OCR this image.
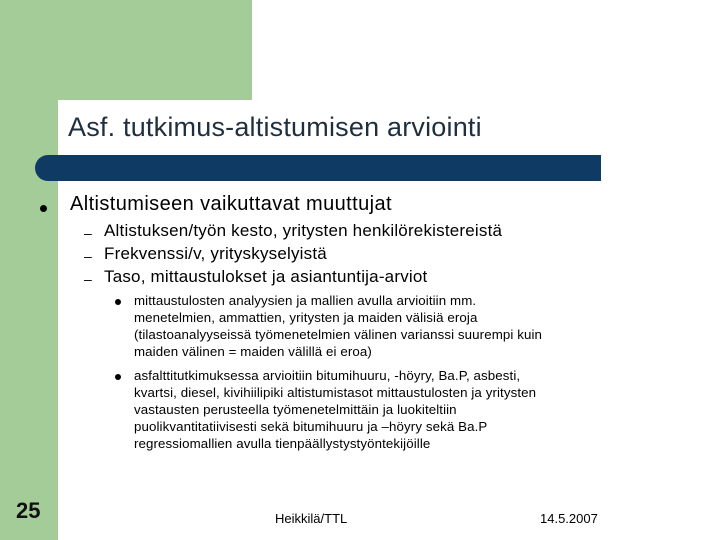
Asf. tutkimus-altistumisen arviointi
Altistumiseen vaikuttavat muuttujat
– Altistuksen/työn kesto, yritysten henkilörekistereistä
– Frekvenssi/v, yrityskyselyistä
– Taso, mittaustulokset ja asiantuntija-arviot
mittaustulosten analyysien ja mallien avulla arvioitiin mm.
menetelmien, ammattien, yritysten ja maiden välisiä eroja
(tilastoanalyyseissä työmenetelmien välinen varianssi suurempi kuin
maiden välinen = maiden välillä ei eroa)
asfalttitutkimuksessa arvioitiin bitumihuuru, -höyry, Ba.P, asbesti,
kvartsi, diesel, kivihiilipiki altistumistasot mittaustulosten ja yritysten
vastausten perusteella työmenetelmittäin ja luokiteltiin
puolikvantitatiivisesti sekä bitumihuuru ja –höyry sekä Ba.P
regressiomallien avulla tienpäällystystyöntekijöille
25	Heikkilä/TTL	14.5.2007
